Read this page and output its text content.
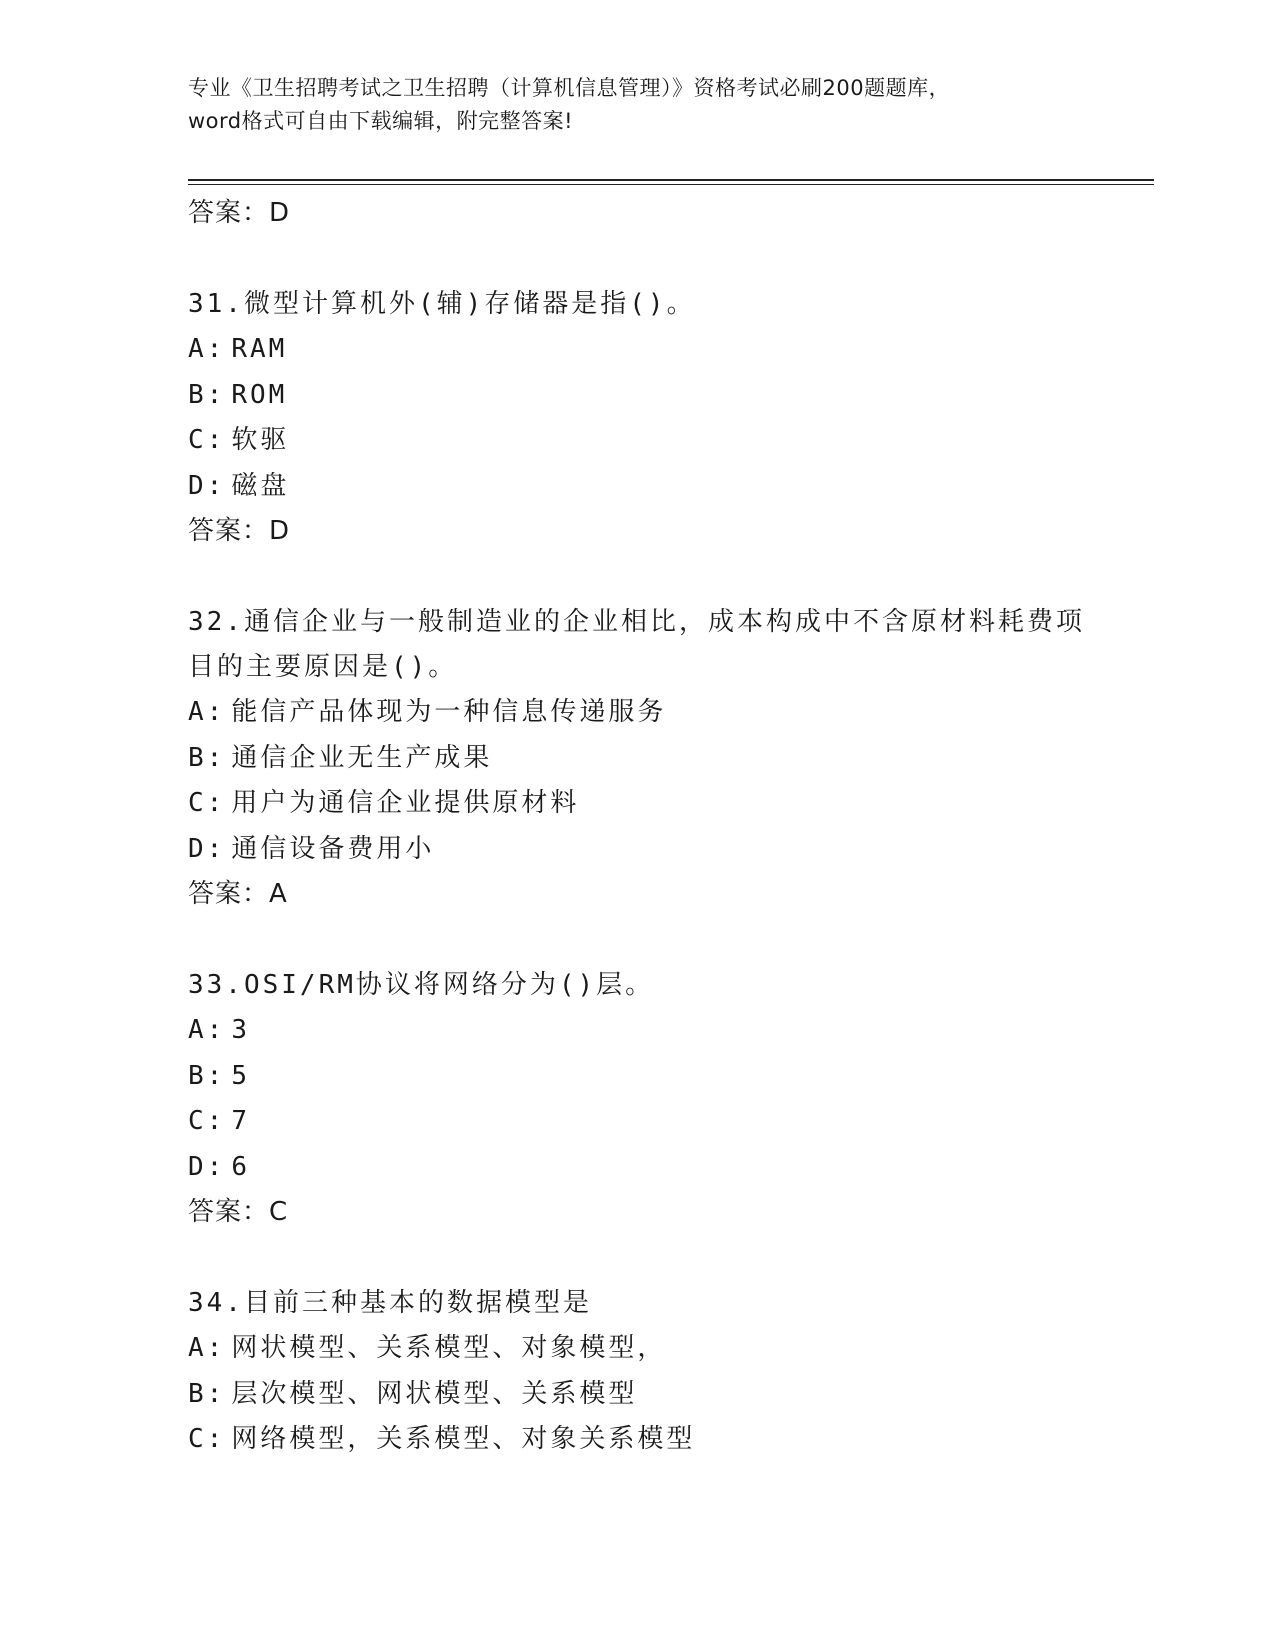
专业《卫生招聘考试之卫生招聘（计算机信息管理）》资格考试必刷200题题库，
word格式可自由下载编辑，附完整答案!
答案：D
31.微型计算机外(辅)存储器是指()。
A: RAM
B: ROM
C: 软驱
D: 磁盘
答案：D
32.通信企业与一般制造业的企业相比，成本构成中不含原材料耗费项目的主要原因是()。
A: 能信产品体现为一种信息传递服务
B: 通信企业无生产成果
C: 用户为通信企业提供原材料
D: 通信设备费用小
答案：A
33.OSI/RM协议将网络分为()层。
A: 3
B: 5
C: 7
D: 6
答案：C
34.目前三种基本的数据模型是
A: 网状模型、关系模型、对象模型，
B: 层次模型、网状模型、关系模型
C: 网络模型，关系模型、对象关系模型
